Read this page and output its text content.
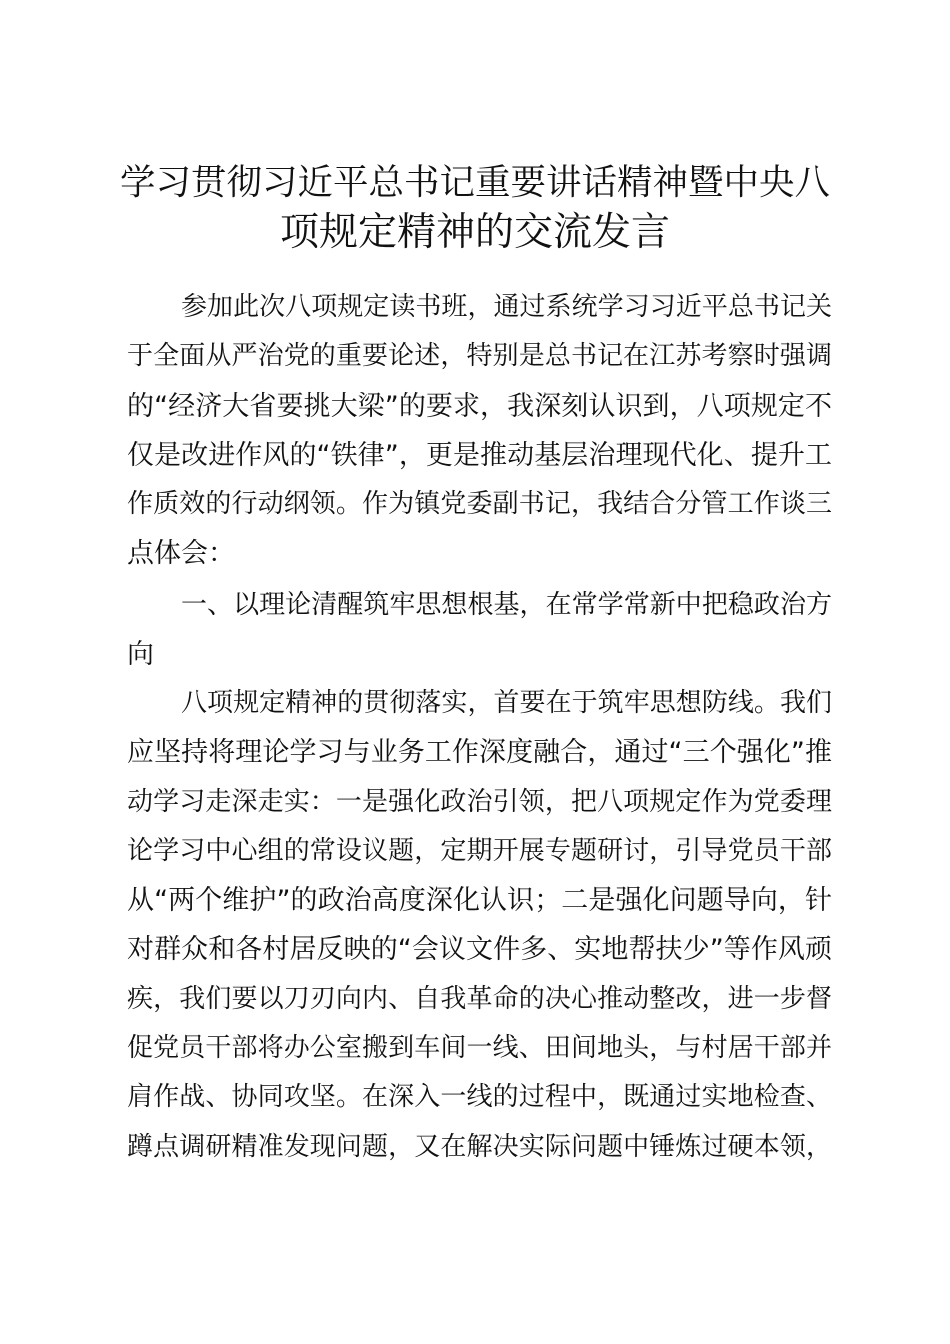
学习贯彻习近平总书记重要讲话精神暨中央八
项规定精神的交流发言
参加此次八项规定读书班，通过系统学习习近平总书记关
于全面从严治党的重要论述，特别是总书记在江苏考察时强调
的“经济大省要挑大梁”的要求，我深刻认识到，八项规定不
仅是改进作风的“铁律”，更是推动基层治理现代化、提升工
作质效的行动纲领。作为镇党委副书记，我结合分管工作谈三
点体会：
一、以理论清醒筑牢思想根基，在常学常新中把稳政治方
向
八项规定精神的贯彻落实，首要在于筑牢思想防线。我们
应坚持将理论学习与业务工作深度融合，通过“三个强化”推
动学习走深走实：一是强化政治引领，把八项规定作为党委理
论学习中心组的常设议题，定期开展专题研讨，引导党员干部
从“两个维护”的政治高度深化认识；二是强化问题导向，针
对群众和各村居反映的“会议文件多、实地帮扶少”等作风顽
疾，我们要以刀刃向内、自我革命的决心推动整改，进一步督
促党员干部将办公室搬到车间一线、田间地头，与村居干部并
肩作战、协同攻坚。在深入一线的过程中，既通过实地检查、
蹲点调研精准发现问题，又在解决实际问题中锤炼过硬本领，
